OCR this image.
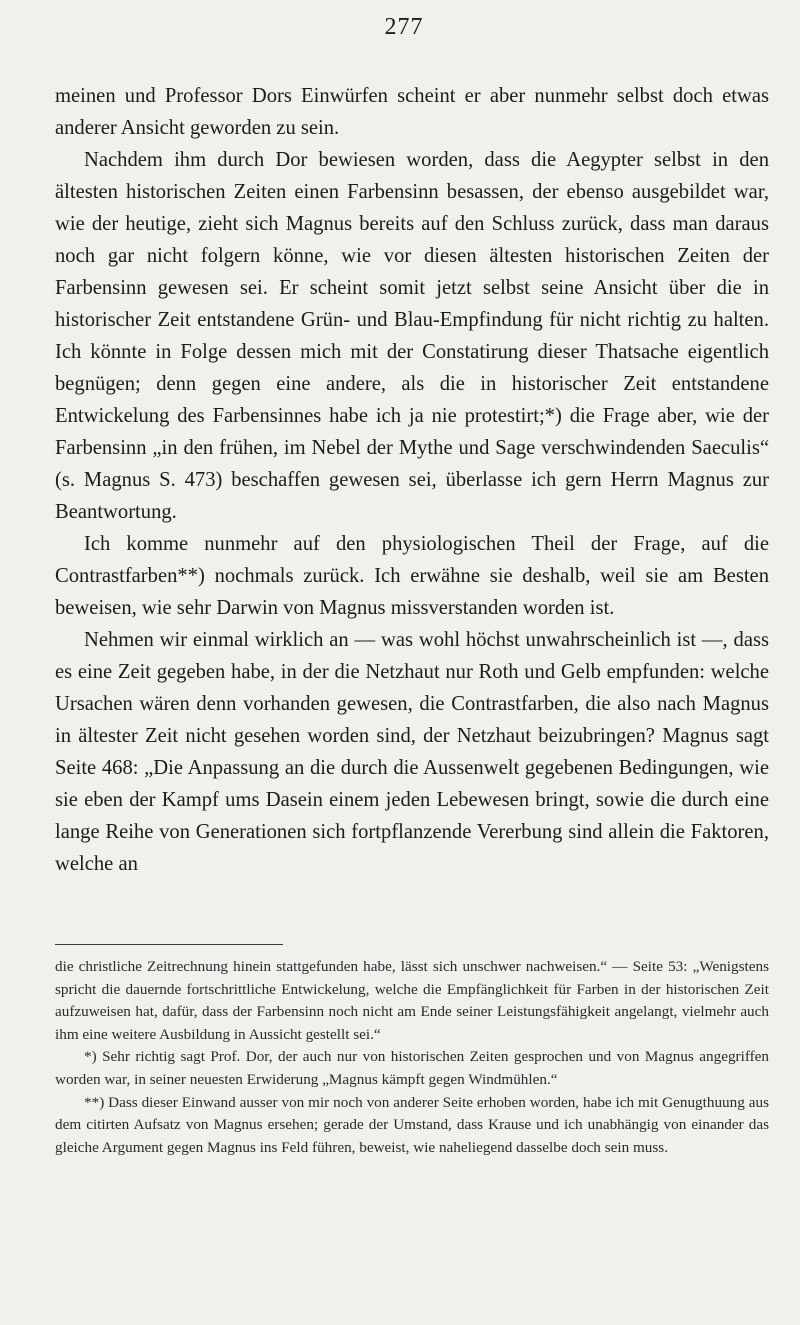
277

meinen und Professor Dors Einwürfen scheint er aber nunmehr selbst doch etwas anderer Ansicht geworden zu sein.

Nachdem ihm durch Dor bewiesen worden, dass die Aegypter selbst in den ältesten historischen Zeiten einen Farbensinn besassen, der ebenso ausgebildet war, wie der heutige, zieht sich Magnus bereits auf den Schluss zurück, dass man daraus noch gar nicht folgern könne, wie vor diesen ältesten historischen Zeiten der Farbensinn gewesen sei. Er scheint somit jetzt selbst seine Ansicht über die in historischer Zeit entstandene Grün- und Blau-Empfindung für nicht richtig zu halten. Ich könnte in Folge dessen mich mit der Constatirung dieser Thatsache eigentlich begnügen; denn gegen eine andere, als die in historischer Zeit entstandene Entwickelung des Farbensinnes habe ich ja nie protestirt;*) die Frage aber, wie der Farbensinn „in den frühen, im Nebel der Mythe und Sage verschwindenden Saeculis“ (s. Magnus S. 473) beschaffen gewesen sei, überlasse ich gern Herrn Magnus zur Beantwortung.

Ich komme nunmehr auf den physiologischen Theil der Frage, auf die Contrastfarben**) nochmals zurück. Ich erwähne sie deshalb, weil sie am Besten beweisen, wie sehr Darwin von Magnus missverstanden worden ist.

Nehmen wir einmal wirklich an — was wohl höchst unwahrscheinlich ist —, dass es eine Zeit gegeben habe, in der die Netzhaut nur Roth und Gelb empfunden: welche Ursachen wären denn vorhanden gewesen, die Contrastfarben, die also nach Magnus in ältester Zeit nicht gesehen worden sind, der Netzhaut beizubringen? Magnus sagt Seite 468: „Die Anpassung an die durch die Aussenwelt gegebenen Bedingungen, wie sie eben der Kampf ums Dasein einem jeden Lebewesen bringt, sowie die durch eine lange Reihe von Generationen sich fortpflanzende Vererbung sind allein die Faktoren, welche an

die christliche Zeitrechnung hinein stattgefunden habe, lässt sich unschwer nachweisen.“ — Seite 53: „Wenigstens spricht die dauernde fortschrittliche Entwickelung, welche die Empfänglichkeit für Farben in der historischen Zeit aufzuweisen hat, dafür, dass der Farbensinn noch nicht am Ende seiner Leistungsfähigkeit angelangt, vielmehr auch ihm eine weitere Ausbildung in Aussicht gestellt sei.“

*) Sehr richtig sagt Prof. Dor, der auch nur von historischen Zeiten gesprochen und von Magnus angegriffen worden war, in seiner neuesten Erwiderung „Magnus kämpft gegen Windmühlen.“

**) Dass dieser Einwand ausser von mir noch von anderer Seite erhoben worden, habe ich mit Genugthuung aus dem citirten Aufsatz von Magnus ersehen; gerade der Umstand, dass Krause und ich unabhängig von einander das gleiche Argument gegen Magnus ins Feld führen, beweist, wie naheliegend dasselbe doch sein muss.
